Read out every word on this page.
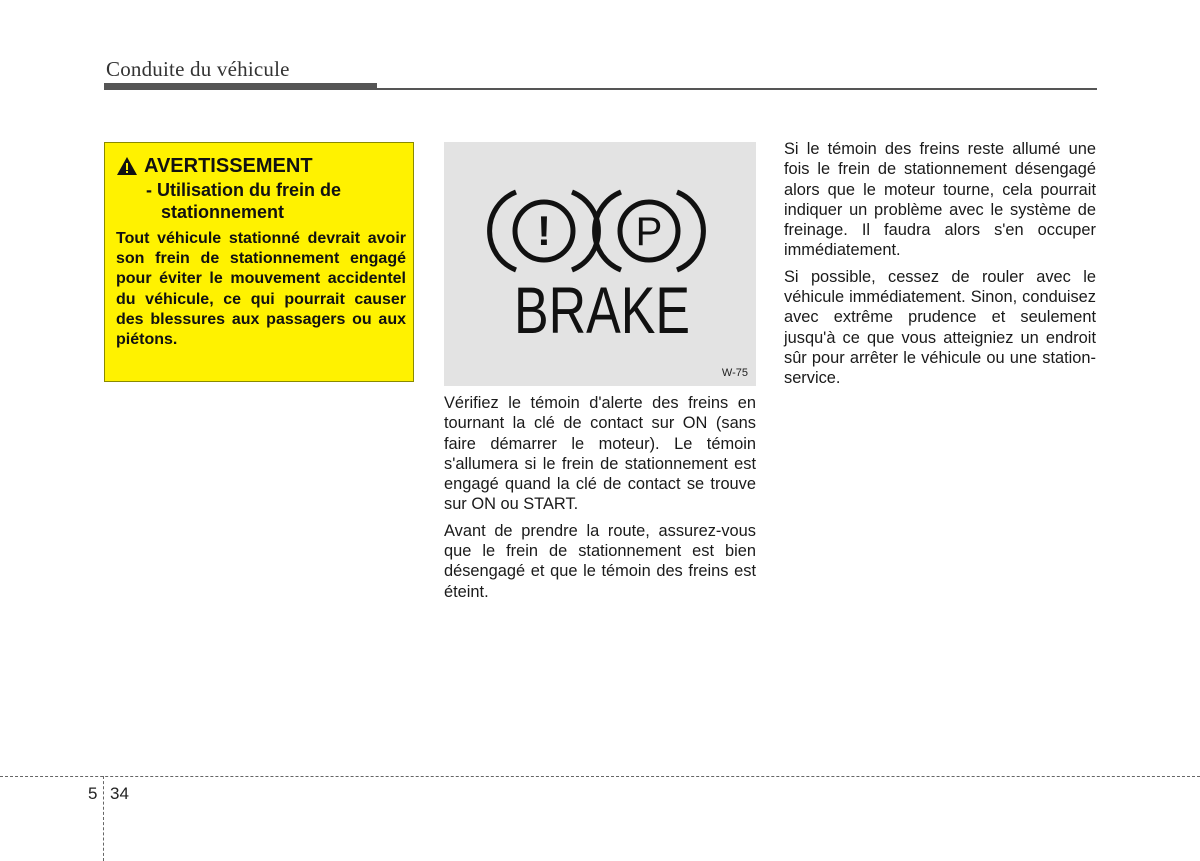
Conduite du véhicule
AVERTISSEMENT
- Utilisation du frein de
stationnement
Tout véhicule stationné devrait avoir son frein de stationnement engagé pour éviter le mouvement accidentel du véhicule, ce qui pourrait causer des blessures aux passagers ou aux piétons.
! P
BRAKE
W-75

Vérifiez le témoin d'alerte des freins en tournant la clé de contact sur ON (sans faire démarrer le moteur). Le témoin s'allumera si le frein de stationnement est engagé quand la clé de contact se trouve sur ON ou START.

Avant de prendre la route, assurez-vous que le frein de stationnement est bien désengagé et que le témoin des freins est éteint.

Si le témoin des freins reste allumé une fois le frein de stationnement désengagé alors que le moteur tourne, cela pourrait indiquer un problème avec le système de freinage. Il faudra alors s'en occuper immédiatement.

Si possible, cessez de rouler avec le véhicule immédiatement. Sinon, conduisez avec extrême prudence et seulement jusqu'à ce que vous atteigniez un endroit sûr pour arrêter le véhicule ou une station-service.

5 34
